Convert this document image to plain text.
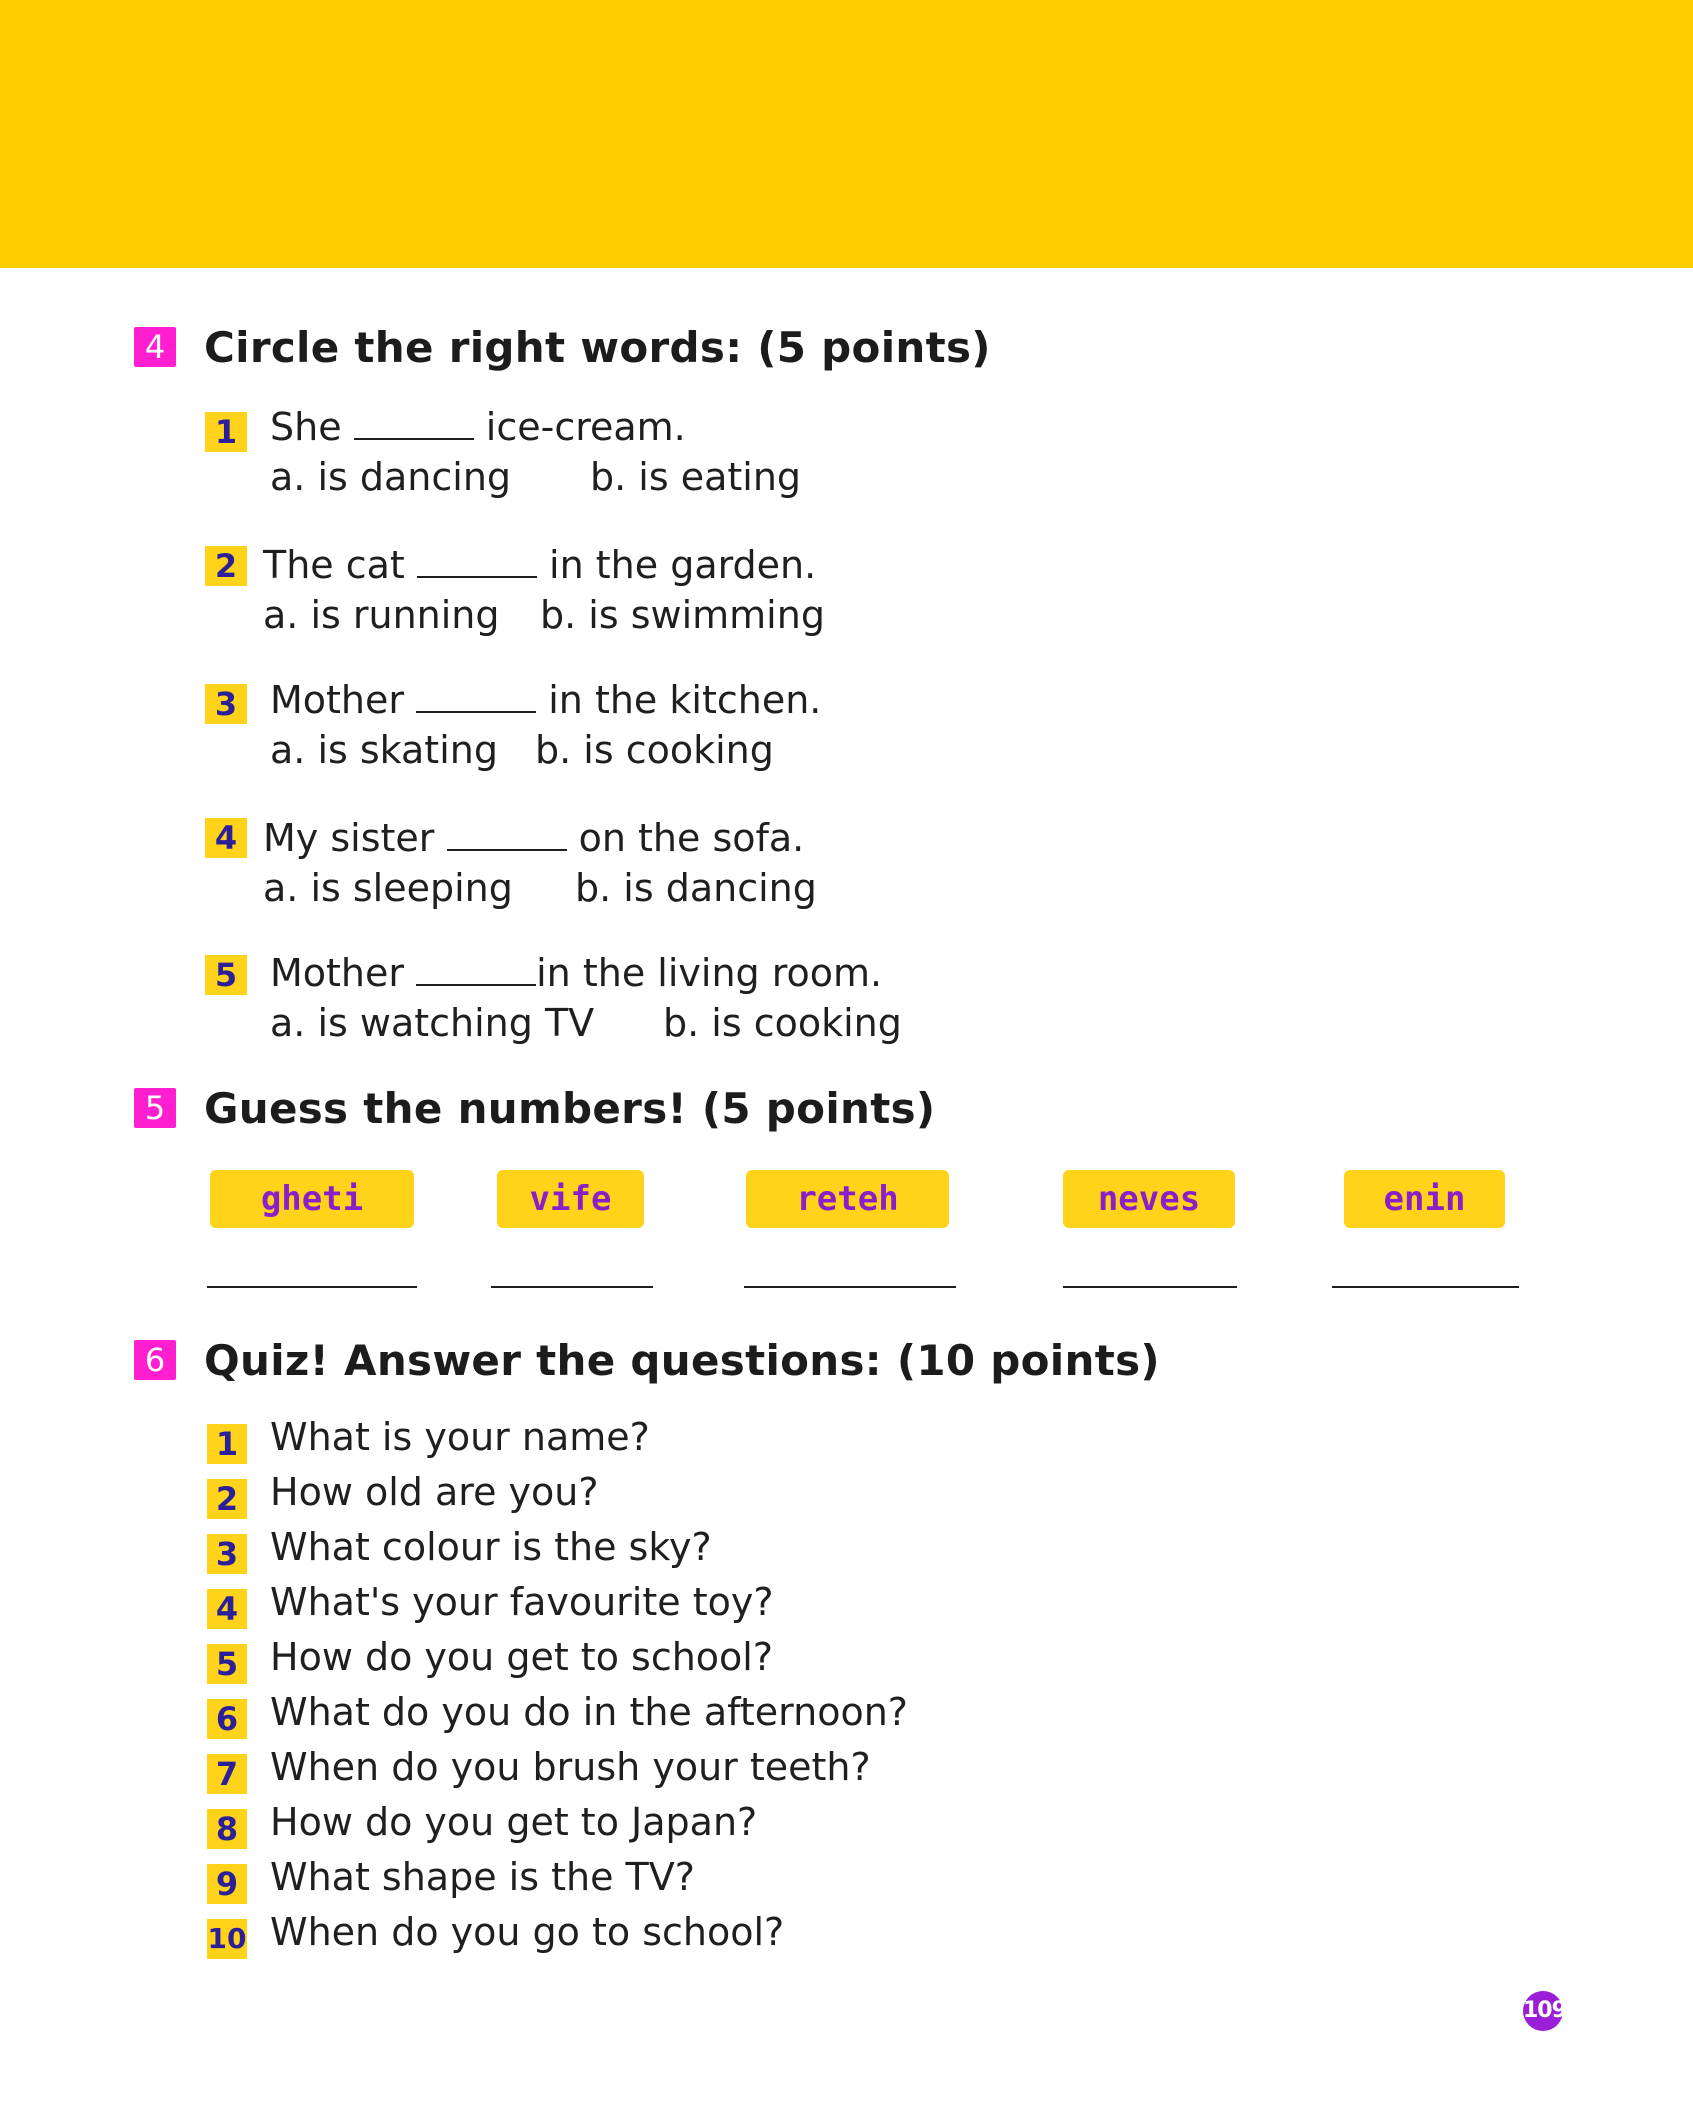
4 Circle the right words: (5 points)
1 She	ice-cream.
a. is dancing b. is eating
2 The cat	in the garden.
a. is running b. is swimming
3 Mother	in the kitchen.
a. is skating b. is cooking
4 My sister	on the sofa.
a. is sleeping b. is dancing
5 Mother	in the living room.
a. is watching TV b. is cooking
5 Guess the numbers! (5 points)
gheti	vife	reteh	neves	enin
6 Quiz! Answer the questions: (10 points)
1 What is your name?
2 How old are you?
3 What colour is the sky?
4 What's your favourite toy?
5 How do you get to school?
6 What do you do in the afternoon?
7 When do you brush your teeth?
8 How do you get to Japan?
9 What shape is the TV?
10 When do you go to school?
109
